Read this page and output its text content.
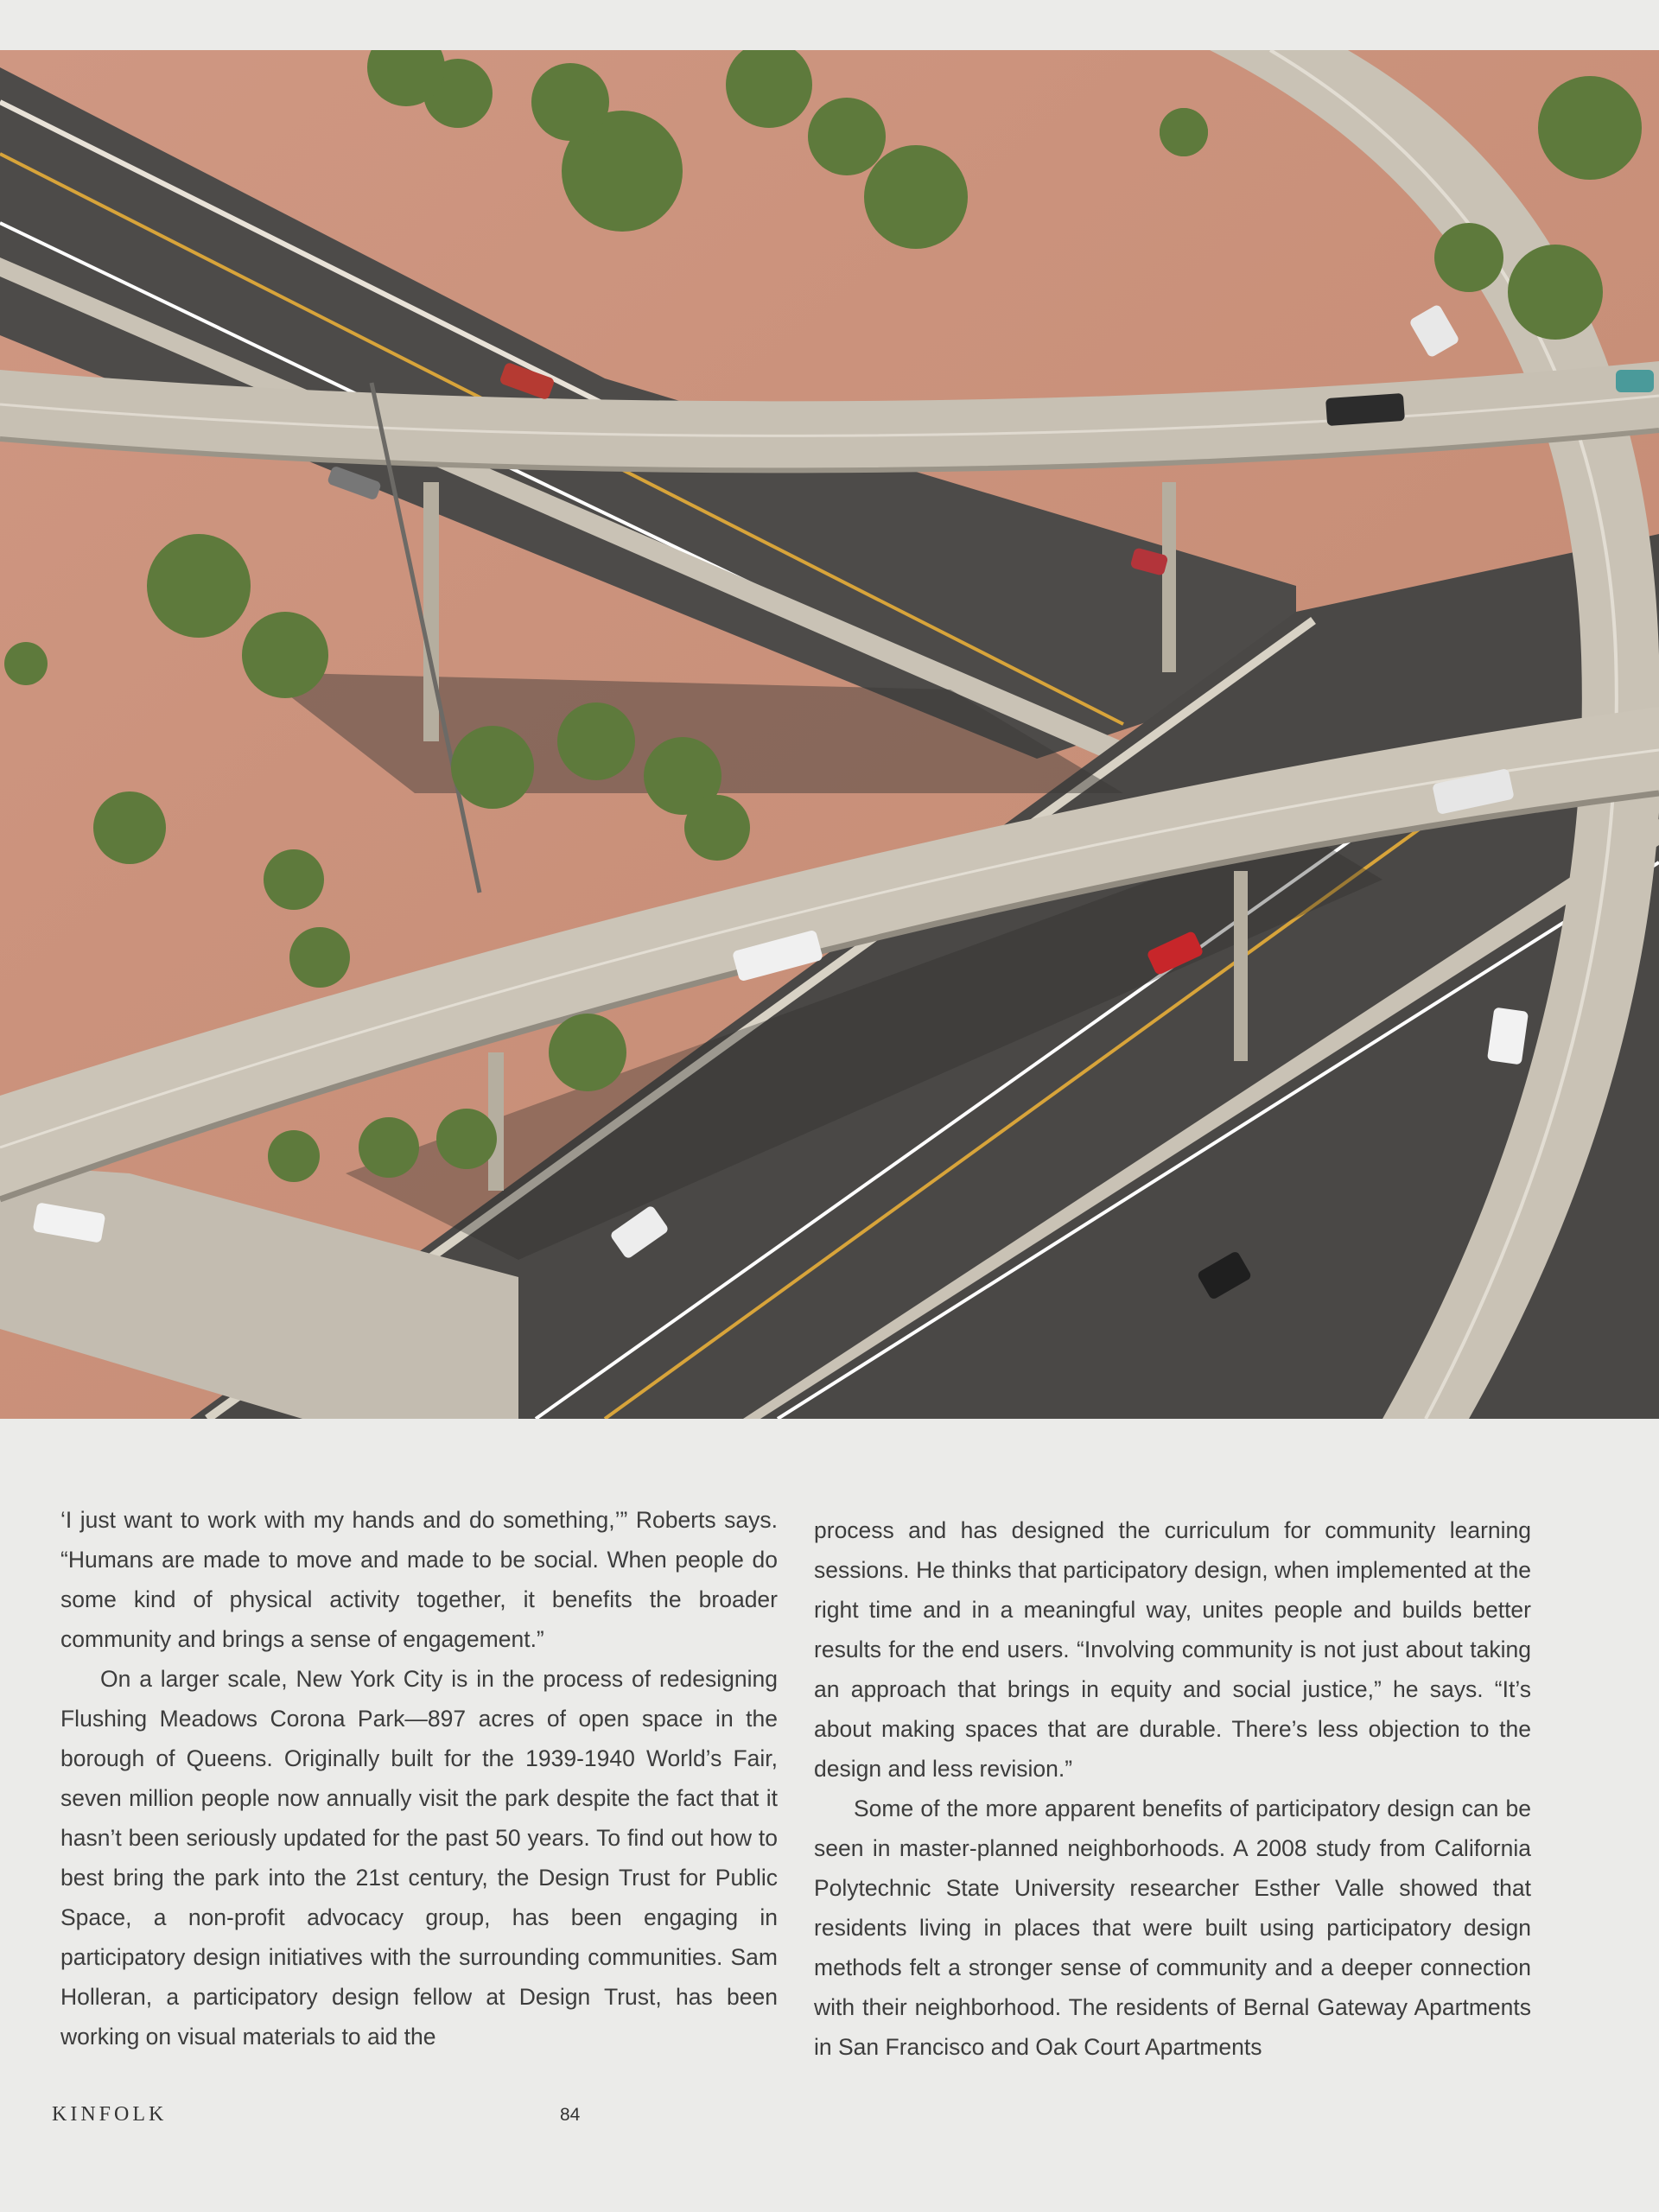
‘I just want to work with my hands and do something,’” Roberts says. “Humans are made to move and made to be social. When people do some kind of physical activity together, it benefits the broader community and brings a sense of engagement.”

On a larger scale, New York City is in the process of redesigning Flushing Meadows Corona Park—897 acres of open space in the borough of Queens. Originally built for the 1939-1940 World’s Fair, seven million people now annually visit the park despite the fact that it hasn’t been seriously updated for the past 50 years. To find out how to best bring the park into the 21st century, the Design Trust for Public Space, a non-profit advocacy group, has been engaging in participatory design initiatives with the surrounding communities. Sam Holleran, a participatory design fellow at Design Trust, has been working on visual materials to aid the

process and has designed the curriculum for community learning sessions. He thinks that participatory design, when implemented at the right time and in a meaningful way, unites people and builds better results for the end users. “Involving community is not just about taking an approach that brings in equity and social justice,” he says. “It’s about making spaces that are durable. There’s less objection to the design and less revision.”

Some of the more apparent benefits of participatory design can be seen in master-planned neighborhoods. A 2008 study from California Polytechnic State University researcher Esther Valle showed that residents living in places that were built using participatory design methods felt a stronger sense of community and a deeper connection with their neighborhood. The residents of Bernal Gateway Apartments in San Francisco and Oak Court Apartments

KINFOLK	84
